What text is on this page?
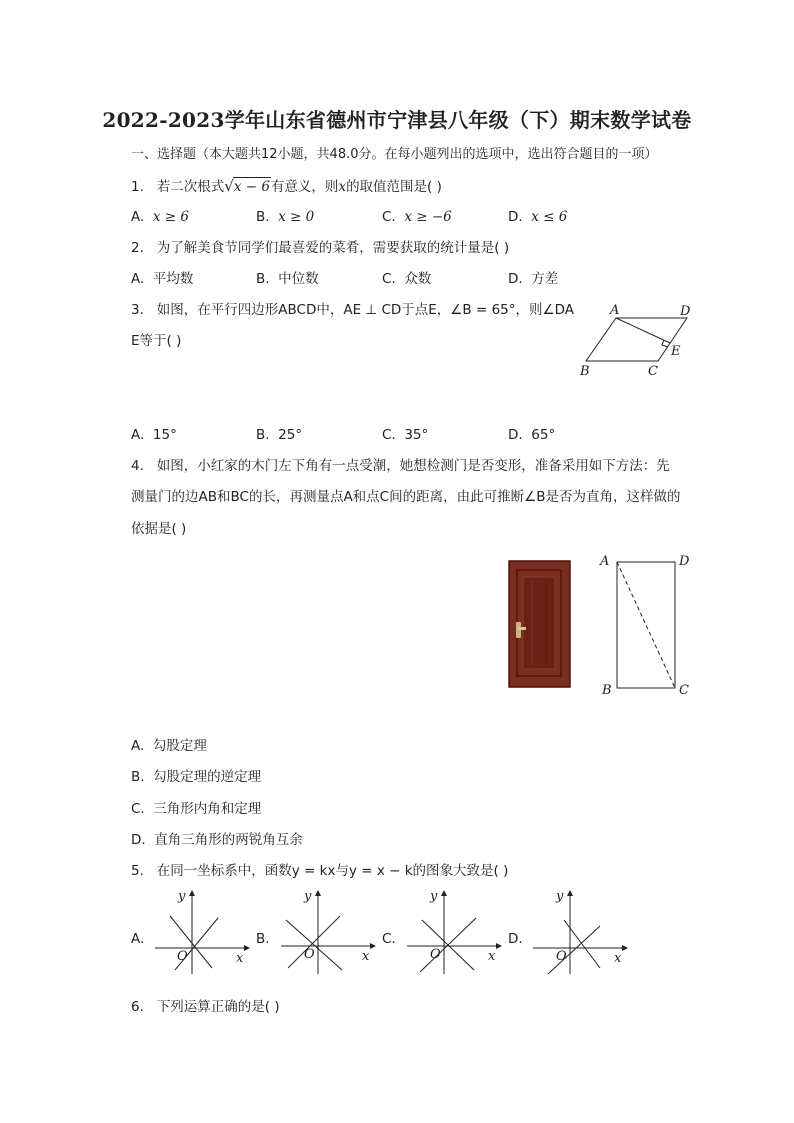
2022-2023学年山东省德州市宁津县八年级（下）期末数学试卷
一、选择题（本大题共12小题，共48.0分。在每小题列出的选项中，选出符合题目的一项）
1. 若二次根式√x − 6有意义，则x的取值范围是( )
A. x ≥ 6	B. x ≥ 0	C. x ≥ −6	D. x ≤ 6
2. 为了解美食节同学们最喜爱的菜肴，需要获取的统计量是( )
A. 平均数	B. 中位数	C. 众数	D. 方差
3. 如图，在平行四边形ABCD中，AE ⊥ CD于点E，∠B = 65°，则∠DA
E等于( )
A	D
E
B	C
A. 15°	B. 25°	C. 35°	D. 65°
4. 如图，小红家的木门左下角有一点受潮，她想检测门是否变形，准备采用如下方法：先
测量门的边AB和BC的长，再测量点A和点C间的距离，由此可推断∠B是否为直角，这样做的
依据是( )
A	D
B	C
A. 勾股定理
B. 勾股定理的逆定理
C. 三角形内角和定理
D. 直角三角形的两锐角互余
5. 在同一坐标系中，函数y = kx与y = x − k的图象大致是( )
A.
y
x
O
B.
y
x
O
C.
y
x
O
D.
y
x
O
6. 下列运算正确的是( )
